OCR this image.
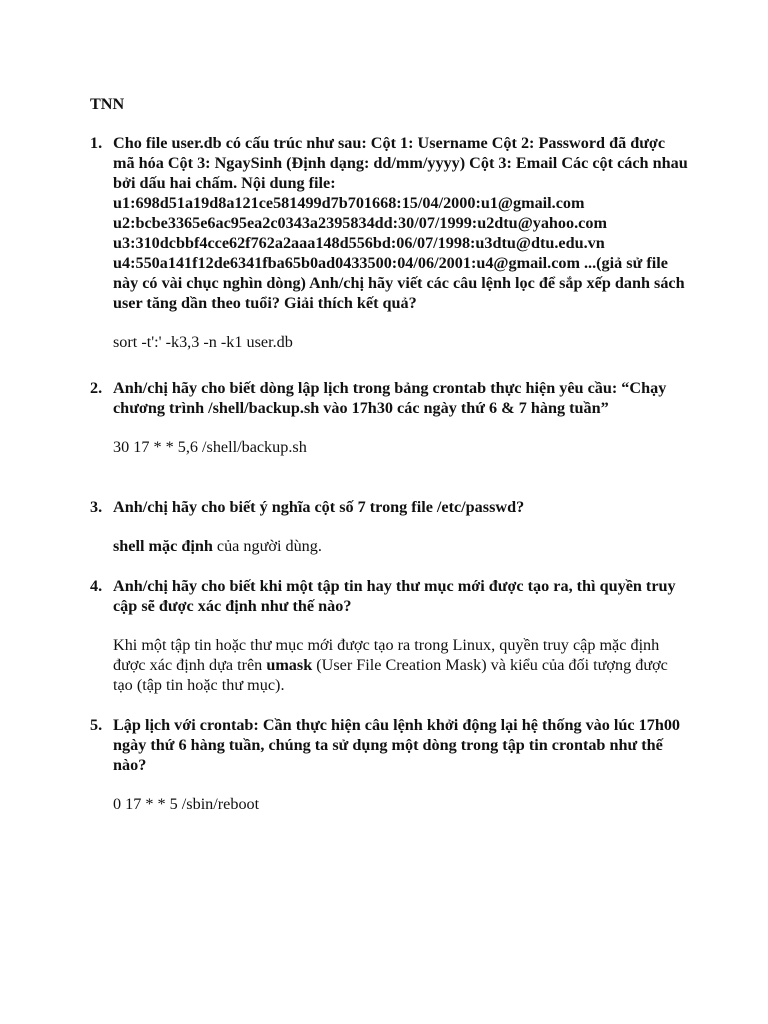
TNN

1. Cho file user.db có cấu trúc như sau: Cột 1: Username Cột 2: Password đã được mã hóa Cột 3: NgaySinh (Định dạng: dd/mm/yyyy) Cột 3: Email Các cột cách nhau bởi dấu hai chấm. Nội dung file:
u1:698d51a19d8a121ce581499d7b701668:15/04/2000:u1@gmail.com
u2:bcbe3365e6ac95ea2c0343a2395834dd:30/07/1999:u2dtu@yahoo.com
u3:310dcbbf4cce62f762a2aaa148d556bd:06/07/1998:u3dtu@dtu.edu.vn
u4:550a141f12de6341fba65b0ad0433500:04/06/2001:u4@gmail.com ...(giả sử file này có vài chục nghìn dòng) Anh/chị hãy viết các câu lệnh lọc để sắp xếp danh sách user tăng dần theo tuổi? Giải thích kết quả?
sort -t':' -k3,3 -n -k1 user.db
2. Anh/chị hãy cho biết dòng lập lịch trong bảng crontab thực hiện yêu cầu: “Chạy chương trình /shell/backup.sh vào 17h30 các ngày thứ 6 & 7 hàng tuần”
30 17 * * 5,6 /shell/backup.sh
3. Anh/chị hãy cho biết ý nghĩa cột số 7 trong file /etc/passwd?
shell mặc định của người dùng.
4. Anh/chị hãy cho biết khi một tập tin hay thư mục mới được tạo ra, thì quyền truy cập sẽ được xác định như thế nào?
Khi một tập tin hoặc thư mục mới được tạo ra trong Linux, quyền truy cập mặc định được xác định dựa trên umask (User File Creation Mask) và kiểu của đối tượng được tạo (tập tin hoặc thư mục).
5. Lập lịch với crontab: Cần thực hiện câu lệnh khởi động lại hệ thống vào lúc 17h00 ngày thứ 6 hàng tuần, chúng ta sử dụng một dòng trong tập tin crontab như thế nào?
0 17 * * 5 /sbin/reboot
